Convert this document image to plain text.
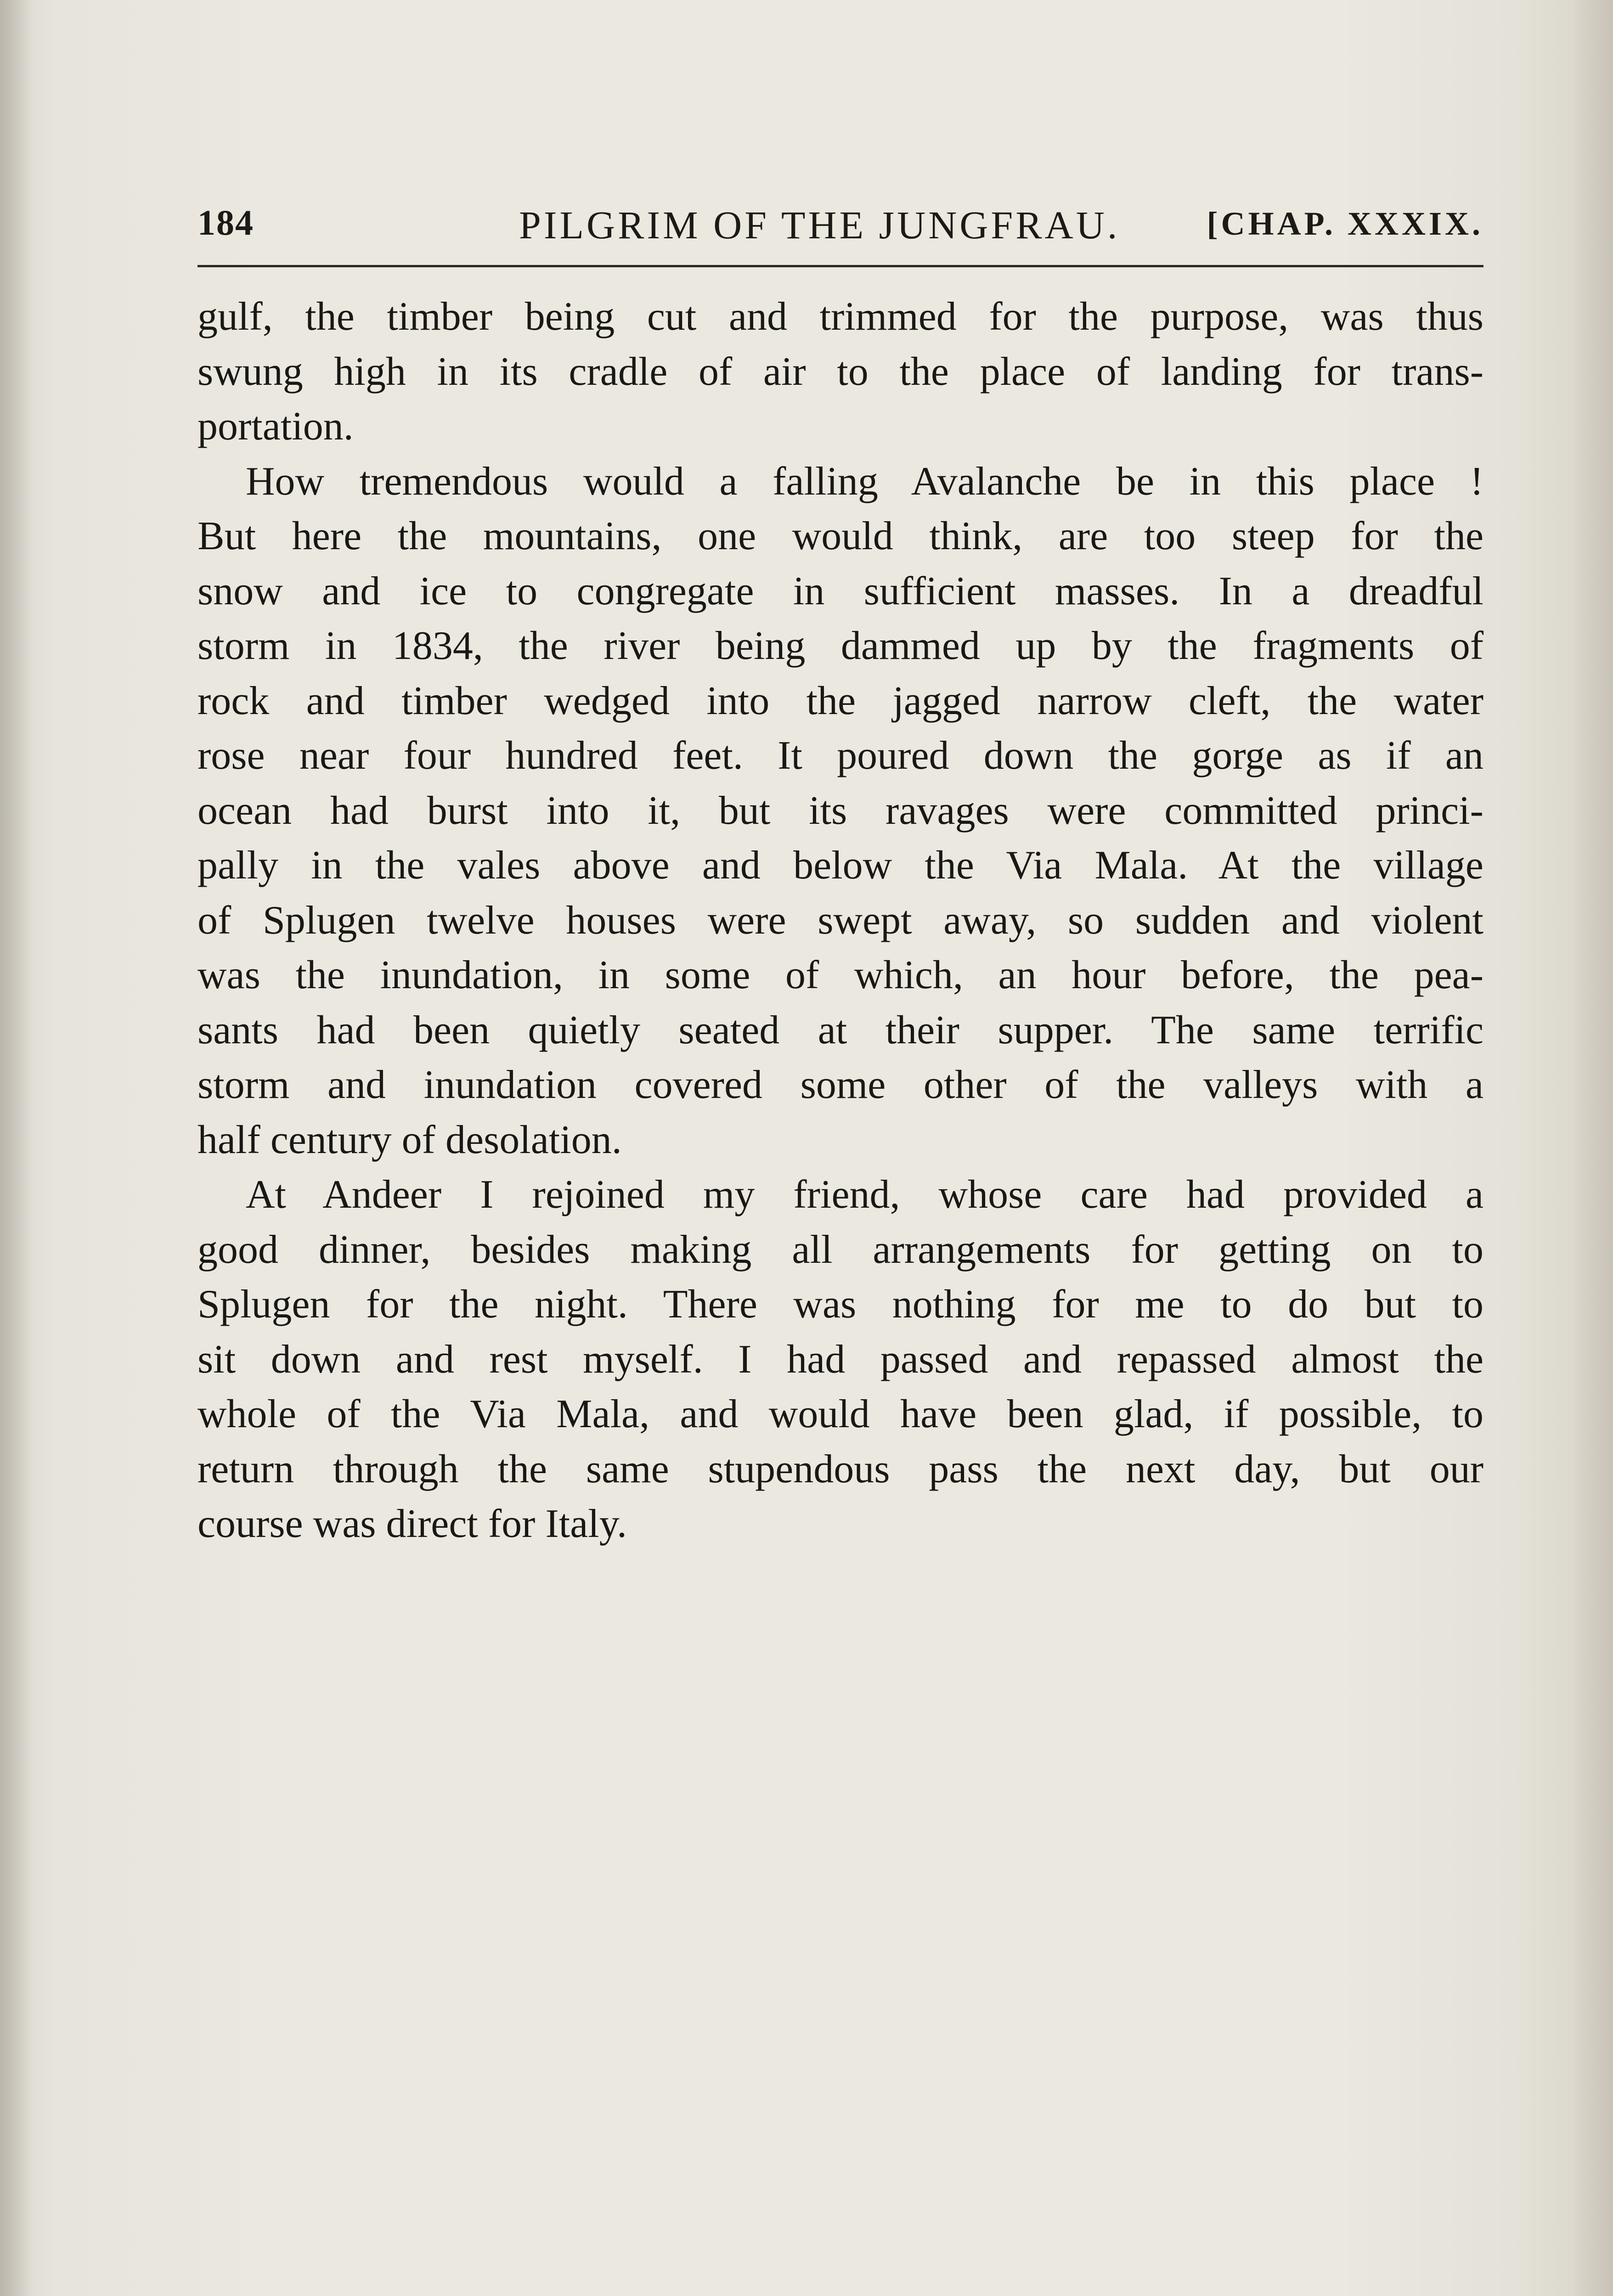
184	PILGRIM OF THE JUNGFRAU.	[CHAP. XXXIX.
gulf, the timber being cut and trimmed for the purpose, was thus
swung high in its cradle of air to the place of landing for trans-
portation.
How tremendous would a falling Avalanche be in this place !
But here the mountains, one would think, are too steep for the
snow and ice to congregate in sufficient masses. In a dreadful
storm in 1834, the river being dammed up by the fragments of
rock and timber wedged into the jagged narrow cleft, the water
rose near four hundred feet. It poured down the gorge as if an
ocean had burst into it, but its ravages were committed princi-
pally in the vales above and below the Via Mala. At the village
of Splugen twelve houses were swept away, so sudden and violent
was the inundation, in some of which, an hour before, the pea-
sants had been quietly seated at their supper. The same terrific
storm and inundation covered some other of the valleys with a
half century of desolation.
At Andeer I rejoined my friend, whose care had provided a
good dinner, besides making all arrangements for getting on to
Splugen for the night. There was nothing for me to do but to
sit down and rest myself. I had passed and repassed almost the
whole of the Via Mala, and would have been glad, if possible, to
return through the same stupendous pass the next day, but our
course was direct for Italy.
